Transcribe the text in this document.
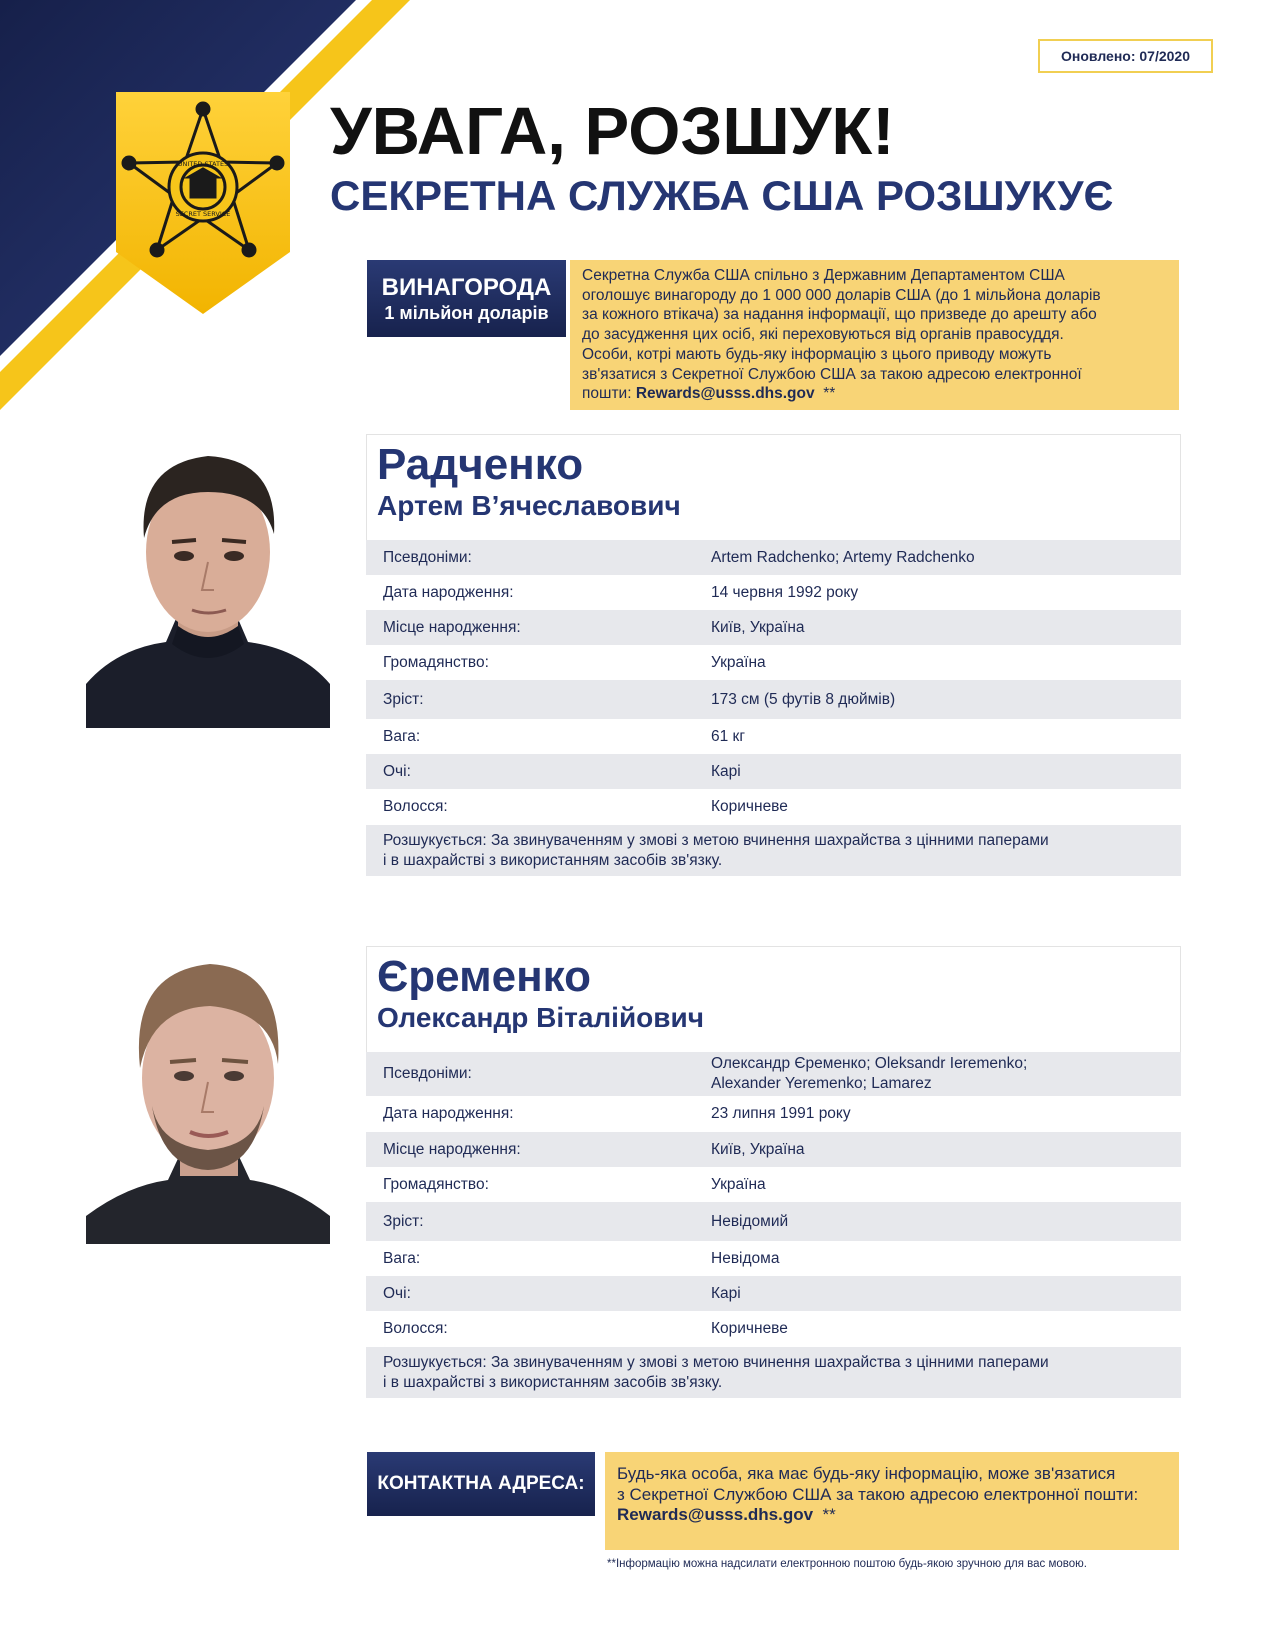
UNITED STATES
SECRET SERVICE
Оновлено: 07/2020
УВАГА, РОЗШУК!
СЕКРЕТНА СЛУЖБА США РОЗШУКУЄ
ВИНАГОРОДА
1 мільйон доларів
Секретна Служба США спільно з Державним Департаментом США
оголошує винагороду до 1 000 000 доларів США (до 1 мільйона доларів
за кожного втікача) за надання інформації, що призведе до арешту або
до засудження цих осіб, які переховуються від органів правосуддя.
Особи, котрі мають будь-яку інформацію з цього приводу можуть
зв'язатися з Секретної Службою США за такою адресою електронної
пошти: Rewards@usss.dhs.gov  **
Радченко
Артем В’ячеславович
Псевдоніми:	Artem Radchenko; Artemy Radchenko
Дата народження:	14 червня 1992 року
Місце народження:	Київ, Україна
Громадянство:	Україна
Зріст:	173 см (5 футів 8 дюймів)
Вага:	61 кг
Очі:	Карі
Волосся:	Коричневе
Розшукується: За звинуваченням у змові з метою вчинення шахрайства з цінними паперами
і в шахрайстві з використанням засобів зв'язку.
Єременко
Олександр Віталійович
Псевдоніми:
Олександр Єременко; Oleksandr Ieremenko;
Alexander Yeremenko; Lamarez
Дата народження:	23 липня 1991 року
Місце народження:	Київ, Україна
Громадянство:	Україна
Зріст:	Невідомий
Вага:	Невідома
Очі:	Карі
Волосся:	Коричневе
Розшукується: За звинуваченням у змові з метою вчинення шахрайства з цінними паперами
і в шахрайстві з використанням засобів зв'язку.
КОНТАКТНА АДРЕСА:	Будь-яка особа, яка має будь-яку інформацію, може зв'язатися
з Секретної Службою США за такою адресою електронної пошти:
Rewards@usss.dhs.gov  **
**Інформацію можна надсилати електронною поштою будь-якою зручною для вас мовою.
